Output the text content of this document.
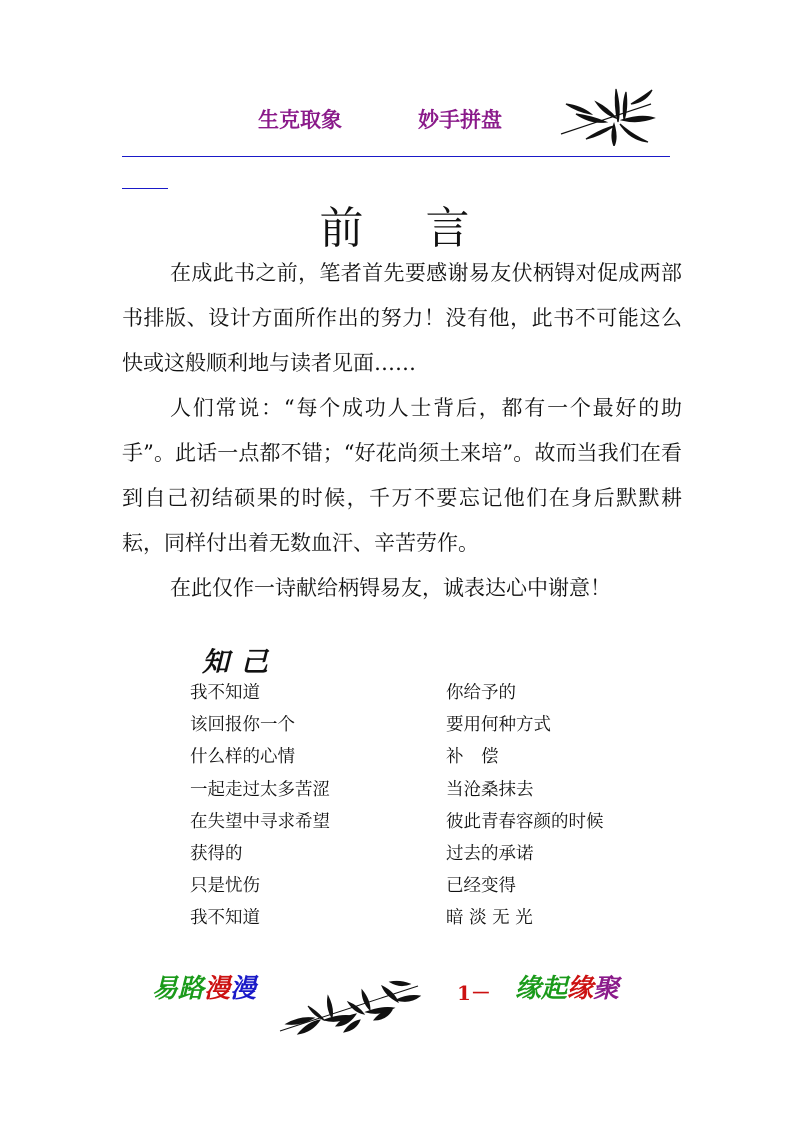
生克取象	妙手拼盘
前言
在成此书之前，笔者首先要感谢易友伏柄锝对促成两部书排版、设计方面所作出的努力！没有他，此书不可能这么快或这般顺利地与读者见面……
人们常说：“每个成功人士背后，都有一个最好的助手”。此话一点都不错；“好花尚须土来培”。故而当我们在看到自己初结硕果的时候，千万不要忘记他们在身后默默耕耘，同样付出着无数血汗、辛苦劳作。
在此仅作一诗献给柄锝易友，诚表达心中谢意！
知己
我不知道
该回报你一个
什么样的心情
一起走过太多苦涩
在失望中寻求希望
获得的
只是忧伤
我不知道
你给予的
要用何种方式
补　偿
当沧桑抹去
彼此青春容颜的时候
过去的承诺
已经变得
暗 淡 无 光
易路漫漫	1－ 缘起缘聚
